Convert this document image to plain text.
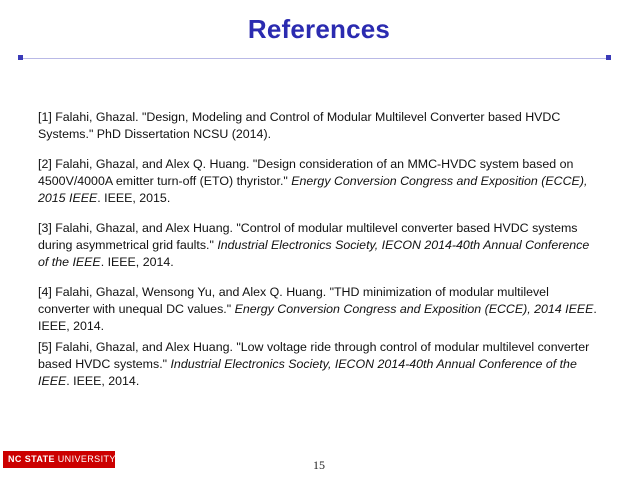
References

[1] Falahi, Ghazal. "Design, Modeling and Control of Modular Multilevel Converter based HVDC Systems." PhD Dissertation NCSU (2014).

[2] Falahi, Ghazal, and Alex Q. Huang. "Design consideration of an MMC-HVDC system based on 4500V/4000A emitter turn-off (ETO) thyristor." Energy Conversion Congress and Exposition (ECCE), 2015 IEEE. IEEE, 2015.

[3] Falahi, Ghazal, and Alex Huang. "Control of modular multilevel converter based HVDC systems during asymmetrical grid faults." Industrial Electronics Society, IECON 2014-40th Annual Conference of the IEEE. IEEE, 2014.

[4] Falahi, Ghazal, Wensong Yu, and Alex Q. Huang. "THD minimization of modular multilevel converter with unequal DC values." Energy Conversion Congress and Exposition (ECCE), 2014 IEEE. IEEE, 2014.

[5] Falahi, Ghazal, and Alex Huang. "Low voltage ride through control of modular multilevel converter based HVDC systems." Industrial Electronics Society, IECON 2014-40th Annual Conference of the IEEE. IEEE, 2014.

NC STATE UNIVERSITY	15
